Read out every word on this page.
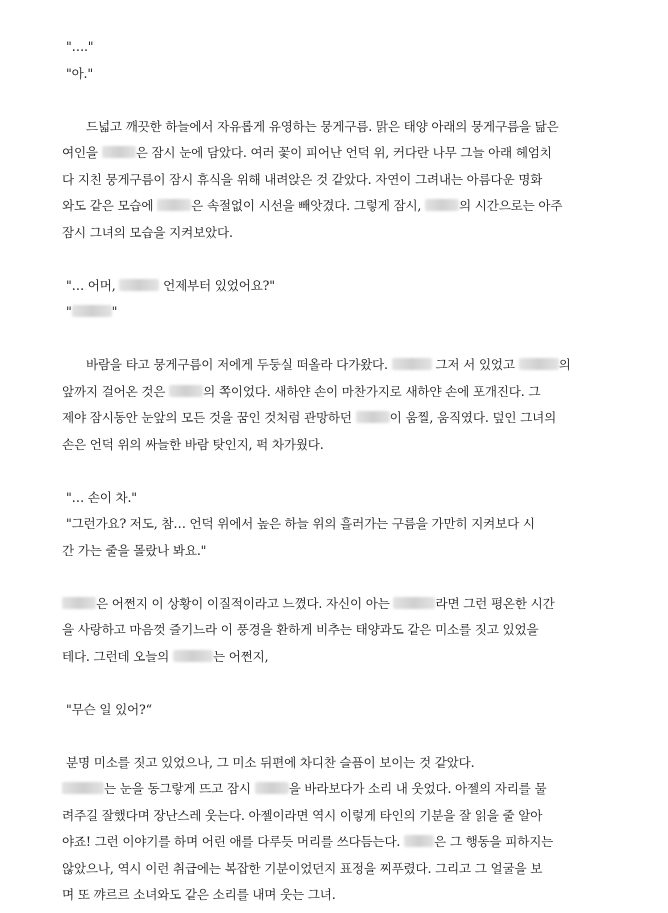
"…."

"아."

드넓고 깨끗한 하늘에서 자유롭게 유영하는 뭉게구름. 맑은 태양 아래의 뭉게구름을 닮은

여인을	은 잠시 눈에 담았다. 여러 꽃이 피어난 언덕 위, 커다란 나무 그늘 아래 헤엄치

다 지친 뭉게구름이 잠시 휴식을 위해 내려앉은 것 같았다. 자연이 그려내는 아름다운 명화

와도 같은 모습에	은 속절없이 시선을 빼앗겼다. 그렇게 잠시,	의 시간으로는 아주

잠시 그녀의 모습을 지켜보았다.

"… 어머,	언제부터 있었어요?"

"	"

바람을 타고 뭉게구름이 저에게 두둥실 떠올라 다가왔다.	그저 서 있었고	의

앞까지 걸어온 것은	의 쪽이었다. 새하얀 손이 마찬가지로 새하얀 손에 포개진다. 그

제야 잠시동안 눈앞의 모든 것을 꿈인 것처럼 관망하던	이 움찔, 움직였다. 덮인 그녀의

손은 언덕 위의 싸늘한 바람 탓인지, 퍽 차가웠다.

"… 손이 차."

"그런가요? 저도, 참… 언덕 위에서 높은 하늘 위의 흘러가는 구름을 가만히 지켜보다 시

간 가는 줄을 몰랐나 봐요."

은 어쩐지 이 상황이 이질적이라고 느꼈다. 자신이 아는	라면 그런 평온한 시간

을 사랑하고 마음껏 즐기느라 이 풍경을 환하게 비추는 태양과도 같은 미소를 짓고 있었을

테다. 그런데 오늘의	는 어쩐지,

"무슨 일 있어?“

분명 미소를 짓고 있었으나, 그 미소 뒤편에 차디찬 슬픔이 보이는 것 같았다.

는 눈을 동그랗게 뜨고 잠시	을 바라보다가 소리 내 웃었다. 아젤의 자리를 물

려주길 잘했다며 장난스레 웃는다. 아젤이라면 역시 이렇게 타인의 기분을 잘 읽을 줄 알아

야죠! 그런 이야기를 하며 어린 애를 다루듯 머리를 쓰다듬는다. 은 그 행동을 피하지는

않았으나, 역시 이런 취급에는 복잡한 기분이었던지 표정을 찌푸렸다. 그리고 그 얼굴을 보

며 또 꺄르르 소녀와도 같은 소리를 내며 웃는 그녀.
